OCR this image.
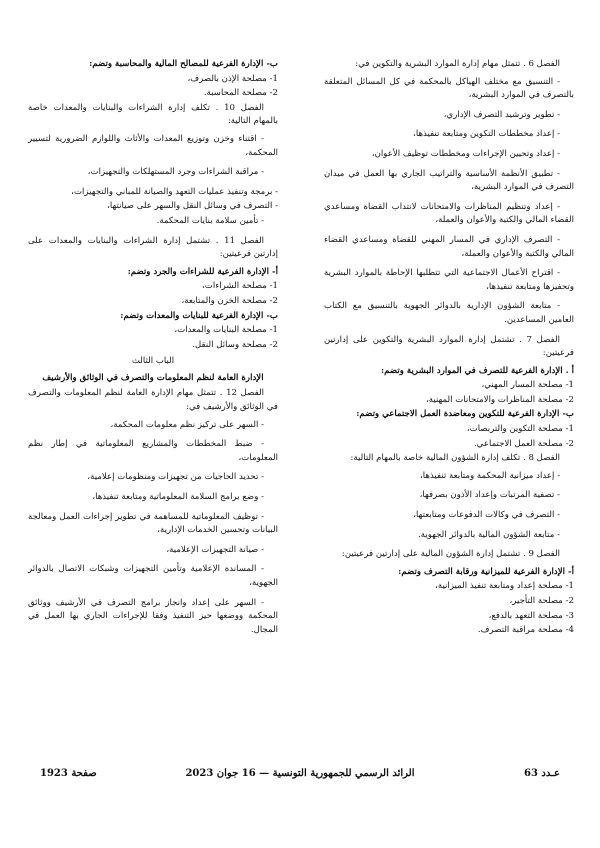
الفصل 6 . تتمثل مهام إدارة الموارد البشرية والتكوين في:
- التنسيق مع مختلف الهياكل بالمحكمة في كل المسائل المتعلقة بالتصرف في الموارد البشرية،
- تطوير وترشيد التصرف الإداري،
- إعداد مخططات التكوين ومتابعة تنفيذها،
- إعداد وتحيين الإجراءات ومخططات توظيف الأعوان،
- تطبيق الأنظمة الأساسية والتراتيب الجاري بها العمل في ميدان التصرف في الموارد البشرية،
- إعداد وتنظيم المناظرات والامتحانات لانتداب القضاة ومساعدي القضاء المالي والكتبة والأعوان والعملة،
- التصرف الإداري في المسار المهني للقضاة ومساعدي القضاء المالي والكتبة والأعوان والعملة،
- اقتراح الأعمال الاجتماعية التي تتطلبها الإحاطة بالموارد البشرية وتحفيزها ومتابعة تنفيذها،
- متابعة الشؤون الإدارية بالدوائر الجهوية بالتنسيق مع الكتاب العامين المساعدين.
الفصل 7 . تشتمل إدارة الموارد البشرية والتكوين على إدارتين فرعيتين:
أ . الإدارة الفرعية للتصرف في الموارد البشرية وتضم:
1- مصلحة المسار المهني،
2- مصلحة المناظرات والامتحانات المهنية،
ب- الإدارة الفرعية للتكوين ومعاضدة العمل الاجتماعي وتضم:
1- مصلحة التكوين والتربصات،
2- مصلحة العمل الاجتماعي.
الفصل 8 . تكلف إدارة الشؤون المالية خاصة بالمهام التالية:
- إعداد ميزانية المحكمة ومتابعة تنفيذها،
- تصفية المرتبات وإعداد الأذون بصرفها،
- التصرف في وكالات الدفوعات ومتابعتها،
- متابعة الشؤون المالية بالدوائر الجهوية.
الفصل 9 . تشتمل إدارة الشؤون المالية على إدارتين فرعيتين:
أ- الإدارة الفرعية للميزانية ورقابة التصرف وتضم:
1- مصلحة إعداد ومتابعة تنفيذ الميزانية،
2- مصلحة التأجير،
3- مصلحة التعهد بالدفع،
4- مصلحة مراقبة التصرف.
ب- الإدارة الفرعية للمصالح المالية والمحاسبة وتضم:
1- مصلحة الإذن بالصرف،
2- مصلحة المحاسبة.
الفصل 10 . تكلف إدارة الشراءات والبنايات والمعدات خاصة بالمهام التالية:
- اقتناء وخزن وتوزيع المعدات والأثاث واللوازم الضرورية لتسيير المحكمة،
- مراقبة الشراءات وجرد المستهلكات والتجهيزات،
- برمجة وتنفيذ عمليات التعهد والصيانة للمباني والتجهيزات،
- التصرف في وسائل النقل والسهر على صيانتها،
- تأمين سلامة بنايات المحكمة.
الفصل 11 . تشتمل إدارة الشراءات والبنايات والمعدات على إدارتين فرعيتين:
أ- الإدارة الفرعية للشراءات والجرد وتضم:
1- مصلحة الشراءات،
2- مصلحة الخزن والمتابعة،
ب- الإدارة الفرعية للبنايات والمعدات وتضم:
1- مصلحة البنايات والمعدات،
2- مصلحة وسائل النقل.
الباب الثالث
الإدارة العامة لنظم المعلومات والتصرف في الوثائق والأرشيف
الفصل 12 . تتمثل مهام الإدارة العامة لنظم المعلومات والتصرف في الوثائق والأرشيف في:
- السهر على تركيز نظم معلومات المحكمة،
- ضبط المخططات والمشاريع المعلوماتية في إطار نظم المعلومات،
- تحديد الحاجيات من تجهيزات ومنظومات إعلامية،
- وضع برامج السلامة المعلوماتية ومتابعة تنفيذها،
- توظيف المعلوماتية للمساهمة في تطوير إجراءات العمل ومعالجة البيانات وتحسين الخدمات الإدارية،
- صيانة التجهيزات الإعلامية،
- المساندة الإعلامية وتأمين التجهيزات وشبكات الاتصال بالدوائر الجهوية،
- السهر على إعداد وانجاز برامج التصرف في الأرشيف ووثائق المحكمة ووضعها حيز التنفيذ وفقا للإجراءات الجاري بها العمل في المجال.
عـدد 63
الرائد الرسمي للجمهورية التونسية — 16 جوان 2023
صفحة 1923
